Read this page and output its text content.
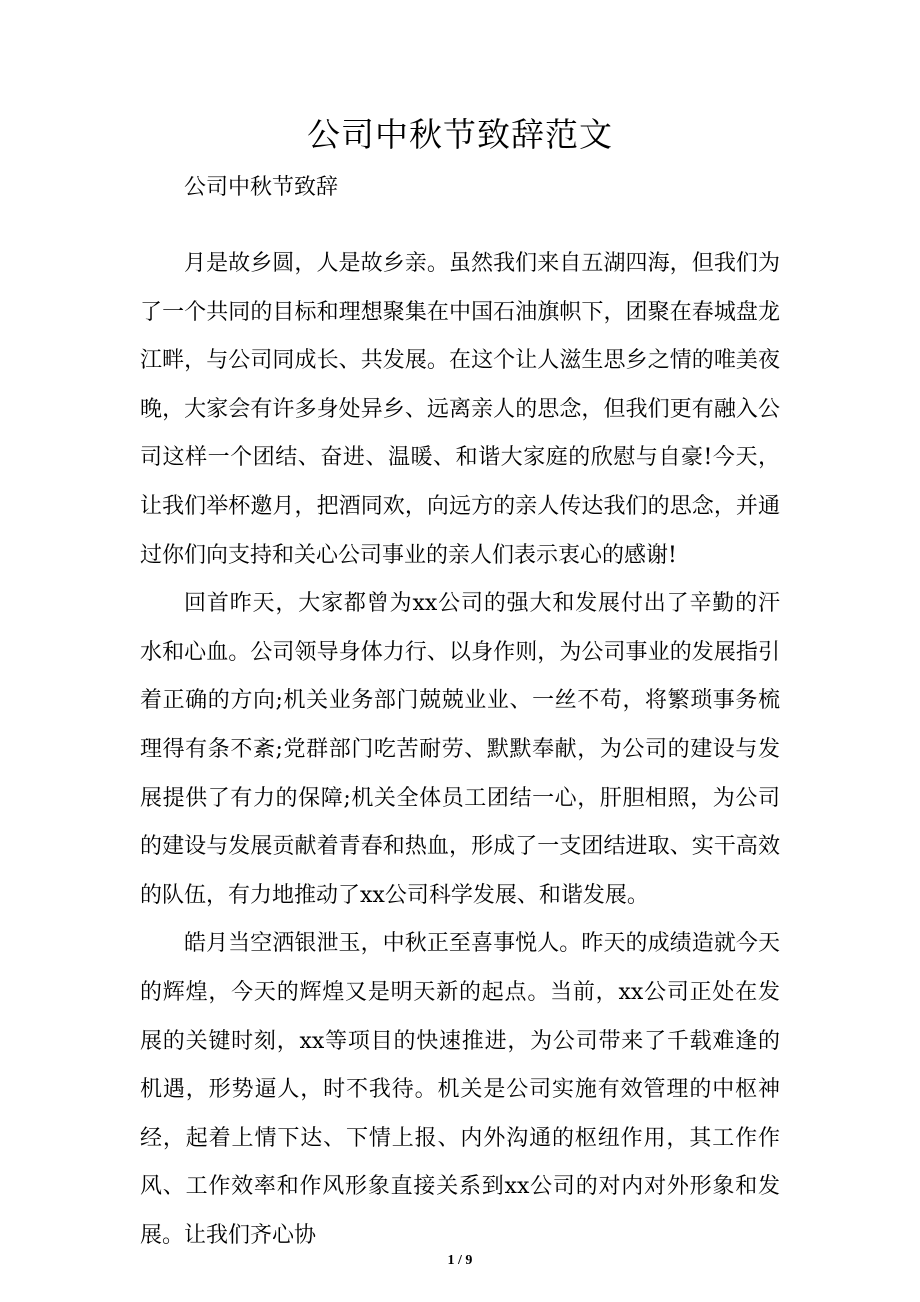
公司中秋节致辞范文
公司中秋节致辞

月是故乡圆，人是故乡亲。虽然我们来自五湖四海，但我们为了一个共同的目标和理想聚集在中国石油旗帜下，团聚在春城盘龙江畔，与公司同成长、共发展。在这个让人滋生思乡之情的唯美夜晚，大家会有许多身处异乡、远离亲人的思念，但我们更有融入公司这样一个团结、奋进、温暖、和谐大家庭的欣慰与自豪!今天，让我们举杯邀月，把酒同欢，向远方的亲人传达我们的思念，并通过你们向支持和关心公司事业的亲人们表示衷心的感谢!

回首昨天，大家都曾为xx公司的强大和发展付出了辛勤的汗水和心血。公司领导身体力行、以身作则，为公司事业的发展指引着正确的方向;机关业务部门兢兢业业、一丝不苟，将繁琐事务梳理得有条不紊;党群部门吃苦耐劳、默默奉献，为公司的建设与发展提供了有力的保障;机关全体员工团结一心，肝胆相照，为公司的建设与发展贡献着青春和热血，形成了一支团结进取、实干高效的队伍，有力地推动了xx公司科学发展、和谐发展。

皓月当空洒银泄玉，中秋正至喜事悦人。昨天的成绩造就今天的辉煌，今天的辉煌又是明天新的起点。当前，xx公司正处在发展的关键时刻，xx等项目的快速推进，为公司带来了千载难逢的机遇，形势逼人，时不我待。机关是公司实施有效管理的中枢神经，起着上情下达、下情上报、内外沟通的枢纽作用，其工作作风、工作效率和作风形象直接关系到xx公司的对内对外形象和发展。让我们齐心协

1 / 9
